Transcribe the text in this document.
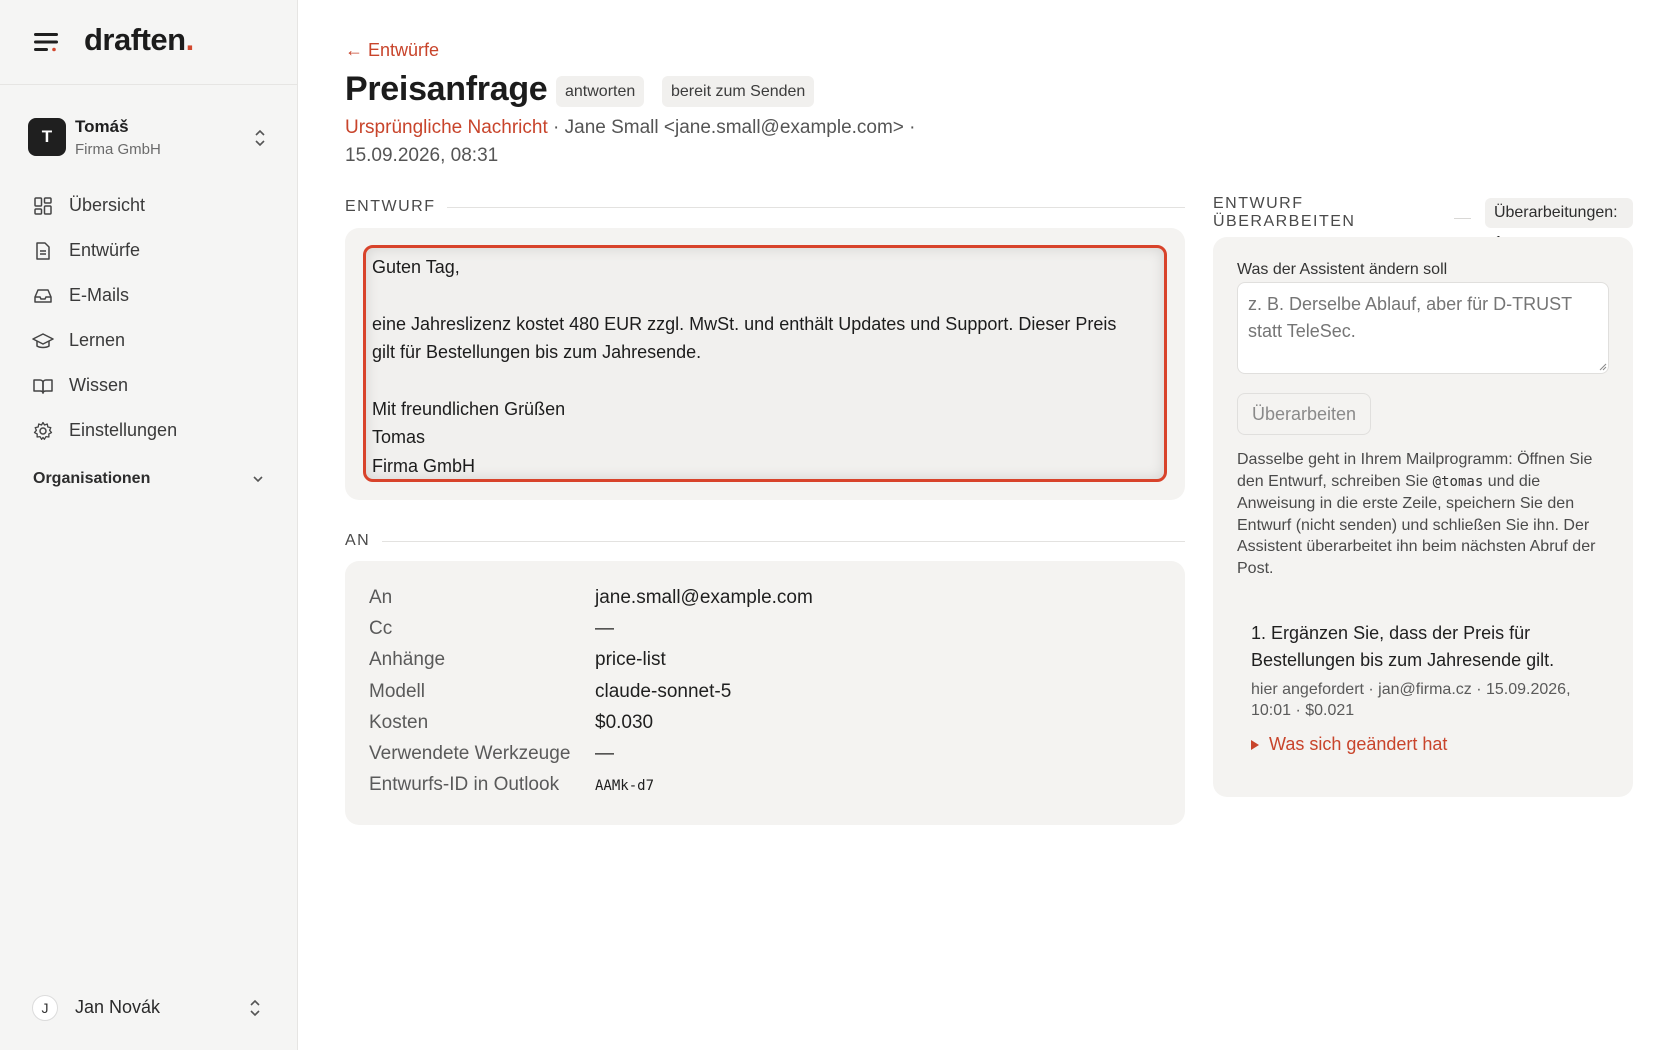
draften.
T
Tomáš
Firma GmbH
Übersicht
Entwürfe
E-Mails
Lernen
Wissen
Einstellungen
Organisationen
J	Jan Novák
← Entwürfe
Preisanfrage	antworten	bereit zum Senden
Ursprüngliche Nachricht · Jane Small <jane.small@example.com> · 15.09.2026, 08:31
ENTWURF
Guten Tag,
eine Jahreslizenz kostet 480 EUR zzgl. MwSt. und enthält Updates und Support. Dieser Preis
gilt für Bestellungen bis zum Jahresende.
Mit freundlichen Grüßen
Tomas
Firma GmbH
AN
An	jane.small@example.com
Cc	—
Anhänge	price-list
Modell	claude-sonnet-5
Kosten	$0.030
Verwendete Werkzeuge —
Entwurfs-ID in Outlook	AAMk-d7
ENTWURF ÜBERARBEITEN
Überarbeitungen:
Was der Assistent ändern soll
z. B. Derselbe Ablauf, aber für D-TRUST statt TeleSec.
Überarbeiten
Dasselbe geht in Ihrem Mailprogramm: Öffnen Sie den Entwurf, schreiben Sie @tomas und die Anweisung in die erste Zeile, speichern Sie den Entwurf (nicht senden) und schließen Sie ihn. Der Assistent überarbeitet ihn beim nächsten Abruf der Post.
1. Ergänzen Sie, dass der Preis für Bestellungen bis zum Jahresende gilt.
hier angefordert · jan@firma.cz · 15.09.2026, 10:01 · $0.021
Was sich geändert hat
